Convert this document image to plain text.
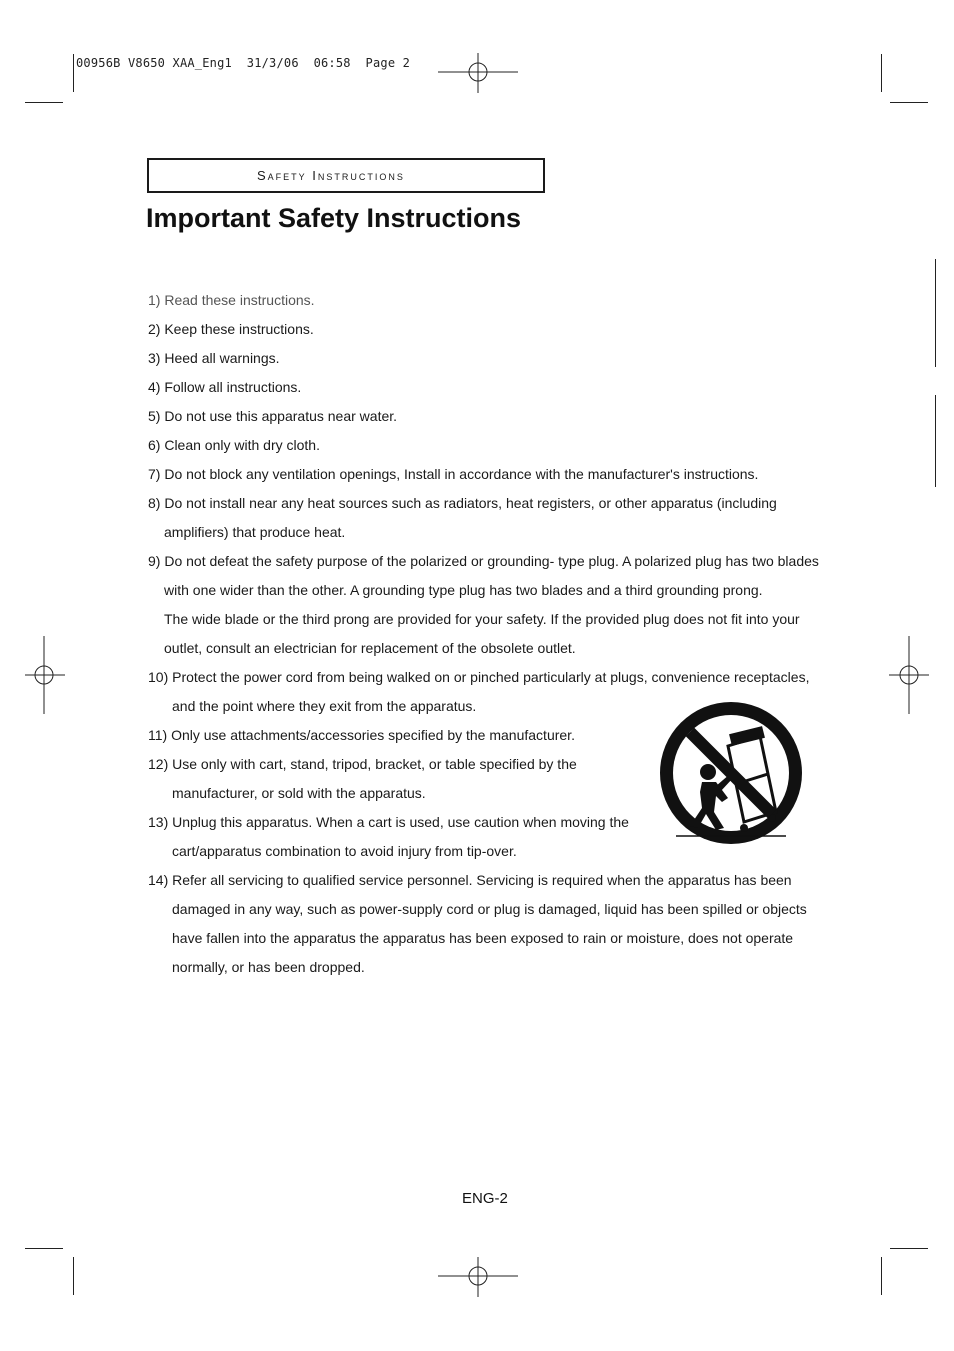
00956B V8650 XAA_Eng1  31/3/06  06:58  Page 2
Safety Instructions
Important Safety Instructions
1) Read these instructions.
2) Keep these instructions.
3) Heed all warnings.
4) Follow all instructions.
5) Do not use this apparatus near water.
6) Clean only with dry cloth.
7) Do not block any ventilation openings, Install in accordance with the manufacturer's instructions.
8) Do not install near any heat sources such as radiators, heat registers, or other apparatus (including
amplifiers) that produce heat.
9) Do not defeat the safety purpose of the polarized or grounding- type plug. A polarized plug has two blades
with one wider than the other. A grounding type plug has two blades and a third grounding prong.
The wide blade or the third prong are provided for your safety. If the provided plug does not fit into your
outlet, consult an electrician for replacement of the obsolete outlet.
10) Protect the power cord from being walked on or pinched particularly at plugs, convenience receptacles,
and the point where they exit from the apparatus.
11) Only use attachments/accessories specified by the manufacturer.
12) Use only with cart, stand, tripod, bracket, or table specified by the
manufacturer, or sold with the apparatus.
13) Unplug this apparatus. When a cart is used, use caution when moving the
cart/apparatus combination to avoid injury from tip-over.
14) Refer all servicing to qualified service personnel. Servicing is required when the apparatus has been
damaged in any way, such as power-supply cord or plug is damaged, liquid has been spilled or objects
have fallen into the apparatus the apparatus has been exposed to rain or moisture, does not operate
normally, or has been dropped.
ENG-2
